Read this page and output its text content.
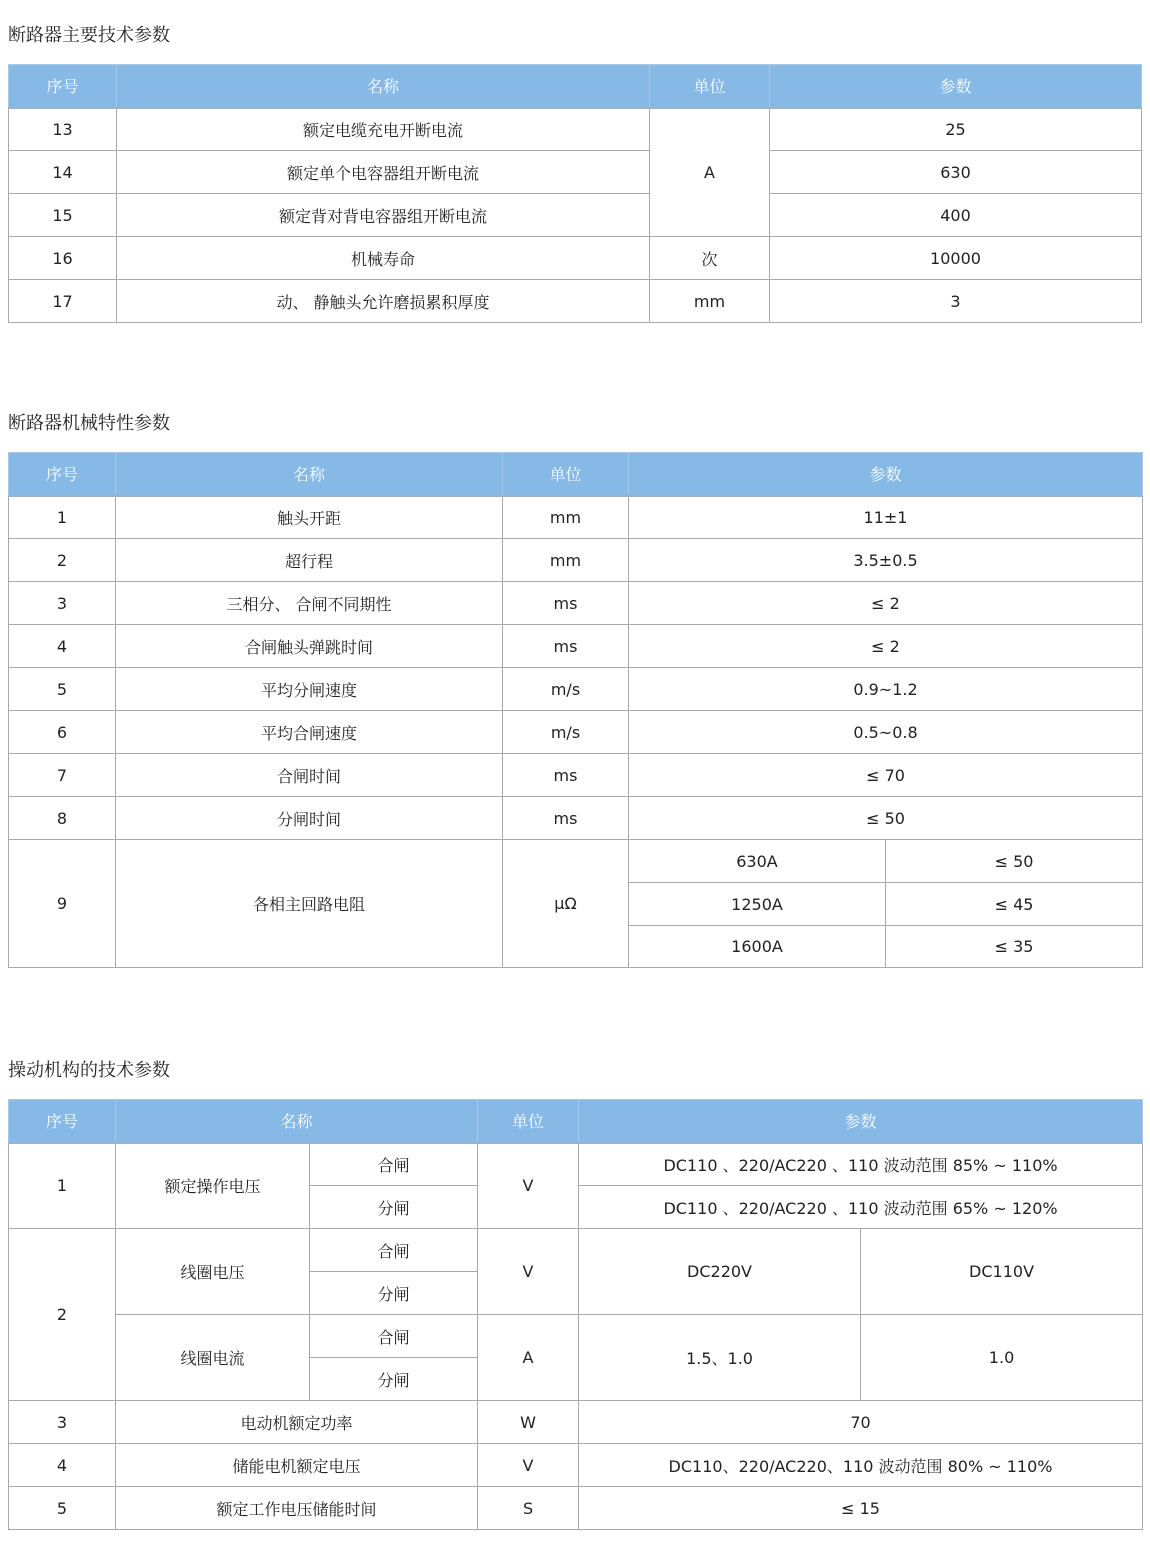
断路器主要技术参数
序号	名称	单位	参数
13	额定电缆充电开断电流	A	25
14	额定单个电容器组开断电流		630
15	额定背对背电容器组开断电流		400
16	机械寿命	次	10000
17	动、 静触头允许磨损累积厚度	mm	3
断路器机械特性参数
序号	名称	单位	参数	
1	触头开距	mm	11±1	
2	超行程	mm	3.5±0.5	
3	三相分、 合闸不同期性	ms	≤ 2	
4	合闸触头弹跳时间	ms	≤ 2	
5	平均分闸速度	m/s	0.9~1.2	
6	平均合闸速度	m/s	0.5~0.8	
7	合闸时间	ms	≤ 70	
8	分闸时间	ms	≤ 50	
9	各相主回路电阻	μΩ	630A	≤ 50
			1250A	≤ 45
			1600A	≤ 35
操动机构的技术参数
序号	名称		单位	参数	
1	额定操作电压	合闸	V	DC110 、220/AC220 、110 波动范围 85% ~ 110%	
		分闸		DC110 、220/AC220 、110 波动范围 65% ~ 120%	
2	线圈电压	合闸	V	DC220V	DC110V
		分闸			
	线圈电流	合闸	A	1.5、1.0	1.0
		分闸			
3	电动机额定功率		W	70	
4	储能电机额定电压		V	DC110、220/AC220、110 波动范围 80% ~ 110%	
5	额定工作电压储能时间		S	≤ 15	
